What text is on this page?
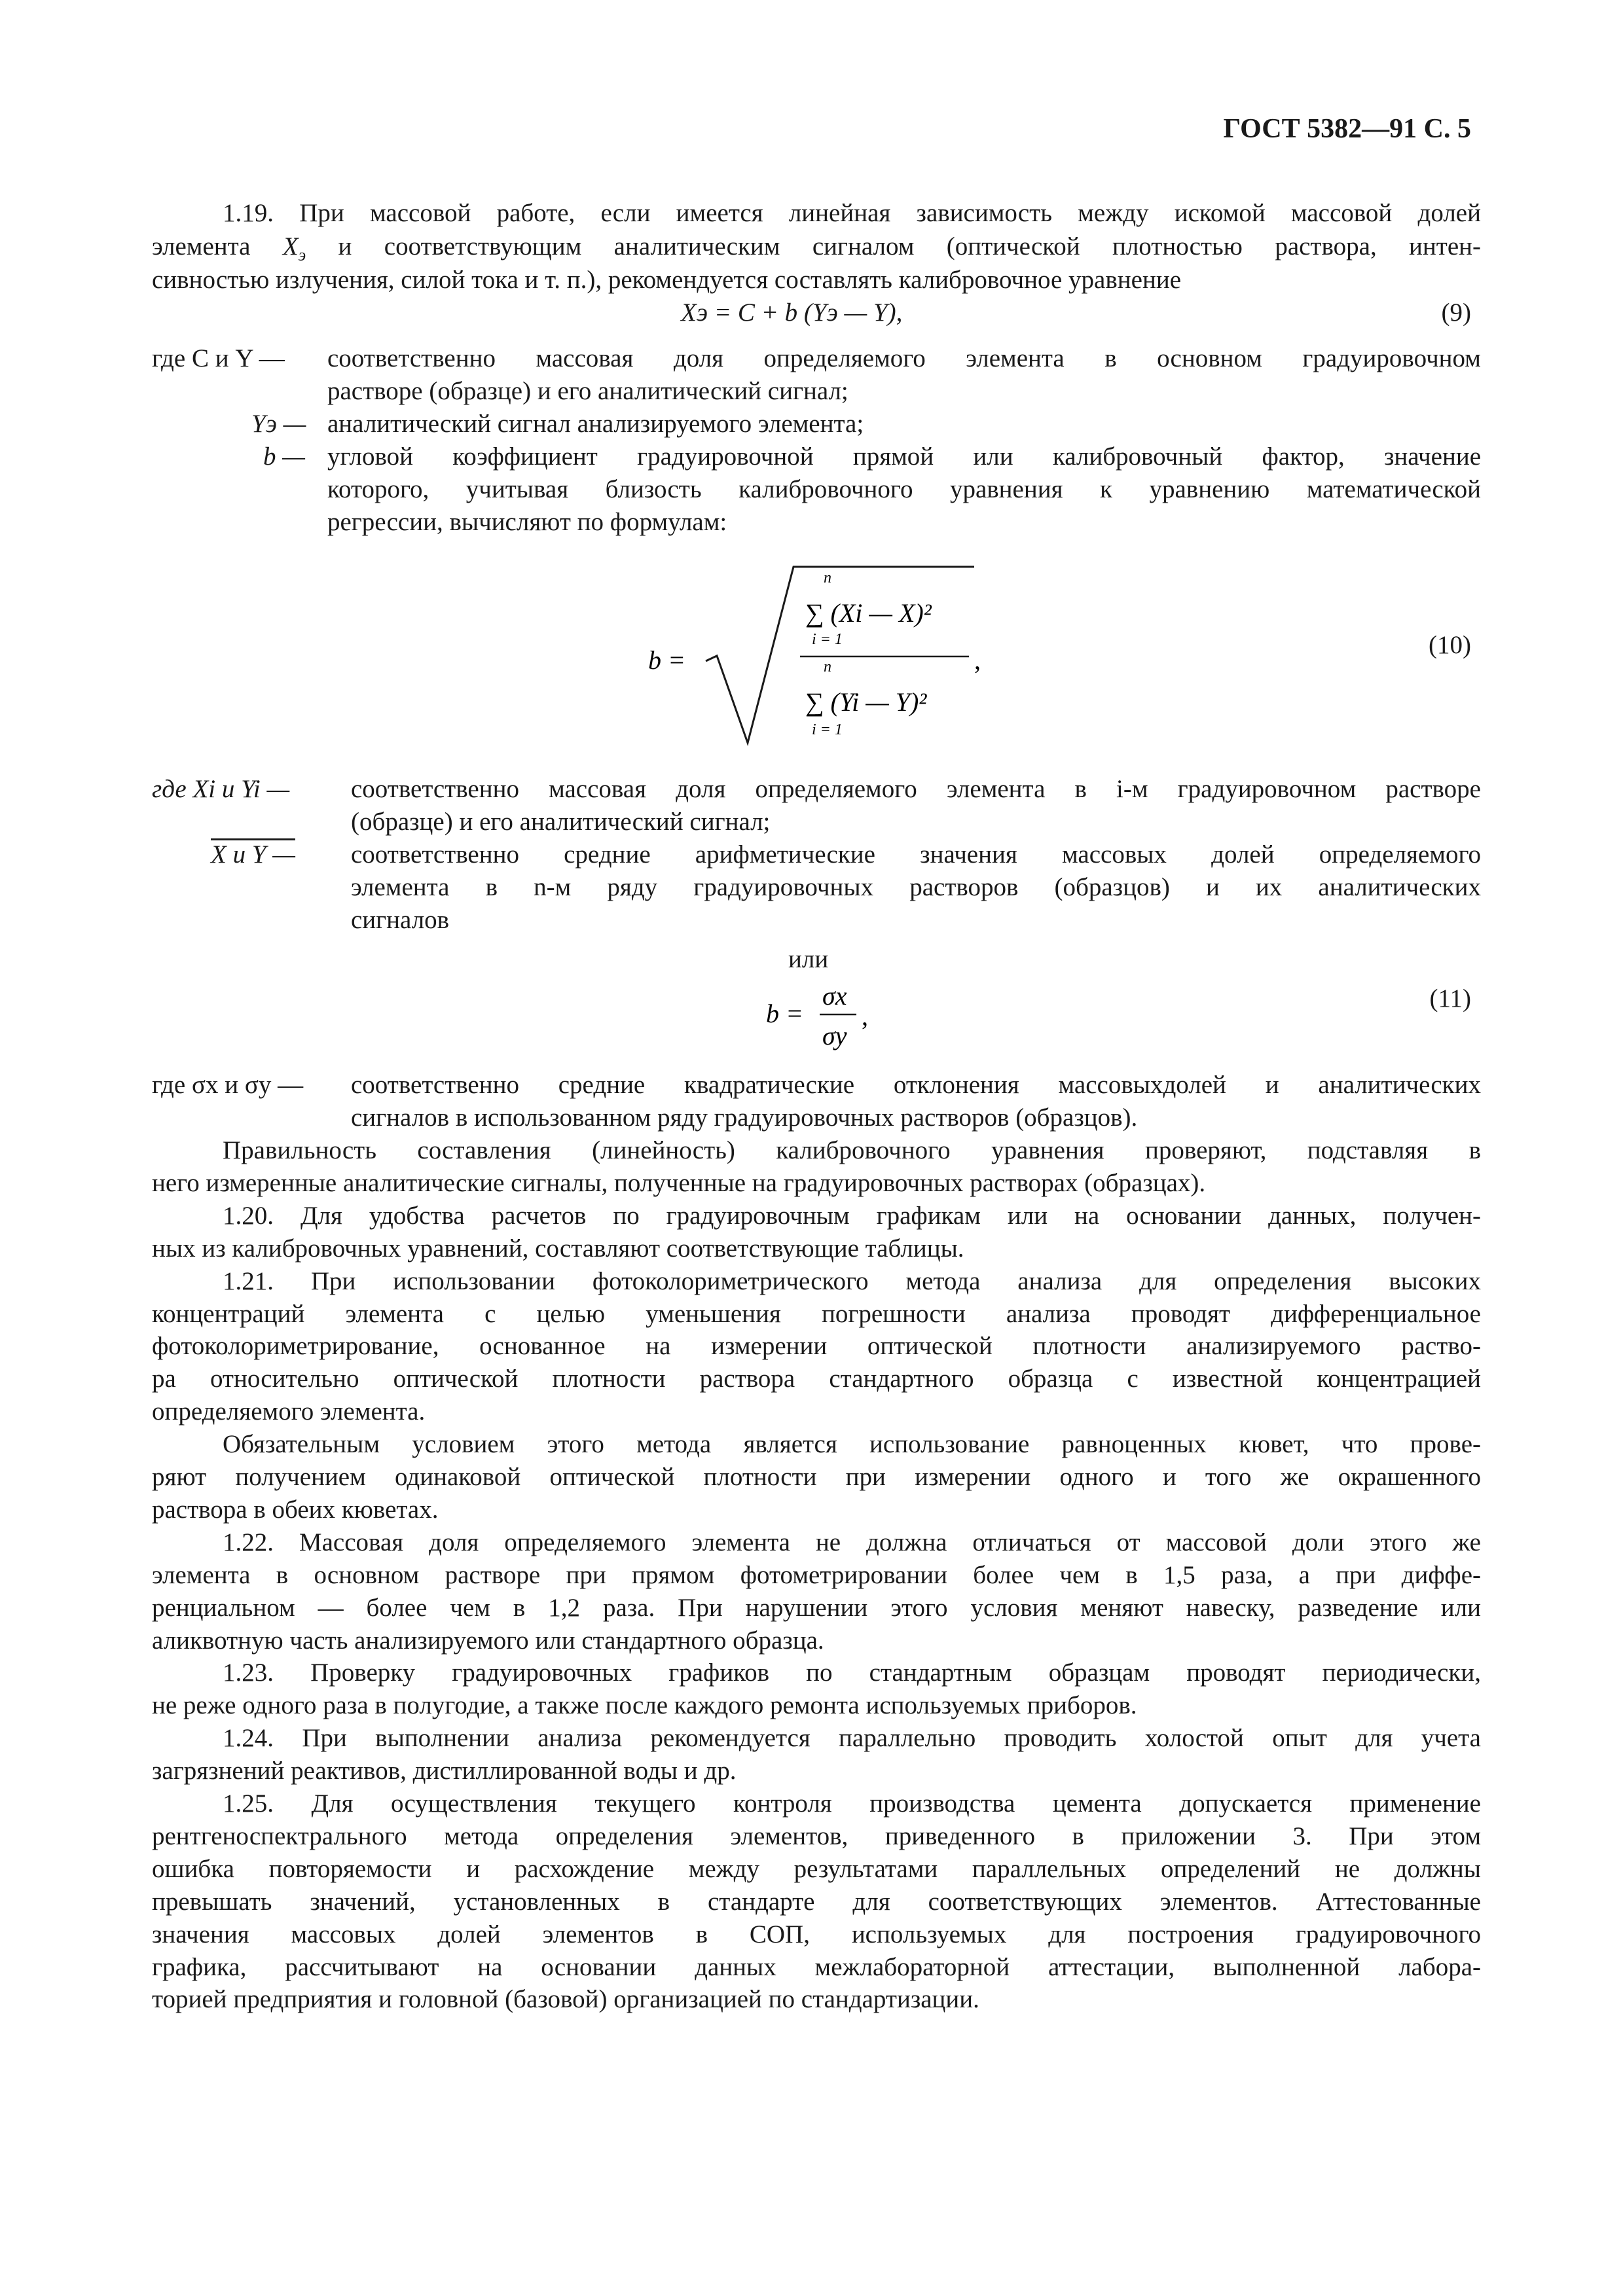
ГОСТ 5382—91 С. 5
1.19. При массовой работе, если имеется линейная зависимость между искомой массовой долей
элемента $X_э$ и соответствующим аналитическим сигналом (оптической плотностью раствора, интен-
сивностью излучения, силой тока и т. п.), рекомендуется составлять калибровочное уравнение
Xэ = C + b (Yэ — Y),	(9)
где C и Y — соответственно массовая доля определяемого элемента в основном градуировочном
растворе (образце) и его аналитический сигнал;
Yэ — аналитический сигнал анализируемого элемента;
b — угловой коэффициент градуировочной прямой или калибровочный фактор, значение
которого, учитывая близость калибровочного уравнения к уравнению математической
регрессии, вычисляют по формулам:
b =
n
∑ (Xi — X)²
i = 1
n
∑ (Yi — Y)²
i = 1
,
(10)
где Xi и Yi — соответственно массовая доля определяемого элемента в i-м градуировочном растворе
(образце) и его аналитический сигнал;
X и Y — соответственно средние арифметические значения массовых долей определяемого
элемента в n-м ряду градуировочных растворов (образцов) и их аналитических
сигналов
или
b =
σx
σy
,
(11)
где σx и σy — соответственно средние квадратические отклонения массовыхдолей и аналитических
сигналов в использованном ряду градуировочных растворов (образцов).
Правильность составления (линейность) калибровочного уравнения проверяют, подставляя в
него измеренные аналитические сигналы, полученные на градуировочных растворах (образцах).
1.20. Для удобства расчетов по градуировочным графикам или на основании данных, получен-
ных из калибровочных уравнений, составляют соответствующие таблицы.
1.21. При использовании фотоколориметрического метода анализа для определения высоких
концентраций элемента с целью уменьшения погрешности анализа проводят дифференциальное
фотоколориметрирование, основанное на измерении оптической плотности анализируемого раство-
ра относительно оптической плотности раствора стандартного образца с известной концентрацией
определяемого элемента.
Обязательным условием этого метода является использование равноценных кювет, что прове-
ряют получением одинаковой оптической плотности при измерении одного и того же окрашенного
раствора в обеих кюветах.
1.22. Массовая доля определяемого элемента не должна отличаться от массовой доли этого же
элемента в основном растворе при прямом фотометрировании более чем в 1,5 раза, а при диффе-
ренциальном — более чем в 1,2 раза. При нарушении этого условия меняют навеску, разведение или
аликвотную часть анализируемого или стандартного образца.
1.23. Проверку градуировочных графиков по стандартным образцам проводят периодически,
не реже одного раза в полугодие, а также после каждого ремонта используемых приборов.
1.24. При выполнении анализа рекомендуется параллельно проводить холостой опыт для учета
загрязнений реактивов, дистиллированной воды и др.
1.25. Для осуществления текущего контроля производства цемента допускается применение
рентгеноспектрального метода определения элементов, приведенного в приложении 3. При этом
ошибка повторяемости и расхождение между результатами параллельных определений не должны
превышать значений, установленных в стандарте для соответствующих элементов. Аттестованные
значения массовых долей элементов в СОП, используемых для построения градуировочного
графика, рассчитывают на основании данных межлабораторной аттестации, выполненной лабора-
торией предприятия и головной (базовой) организацией по стандартизации.
